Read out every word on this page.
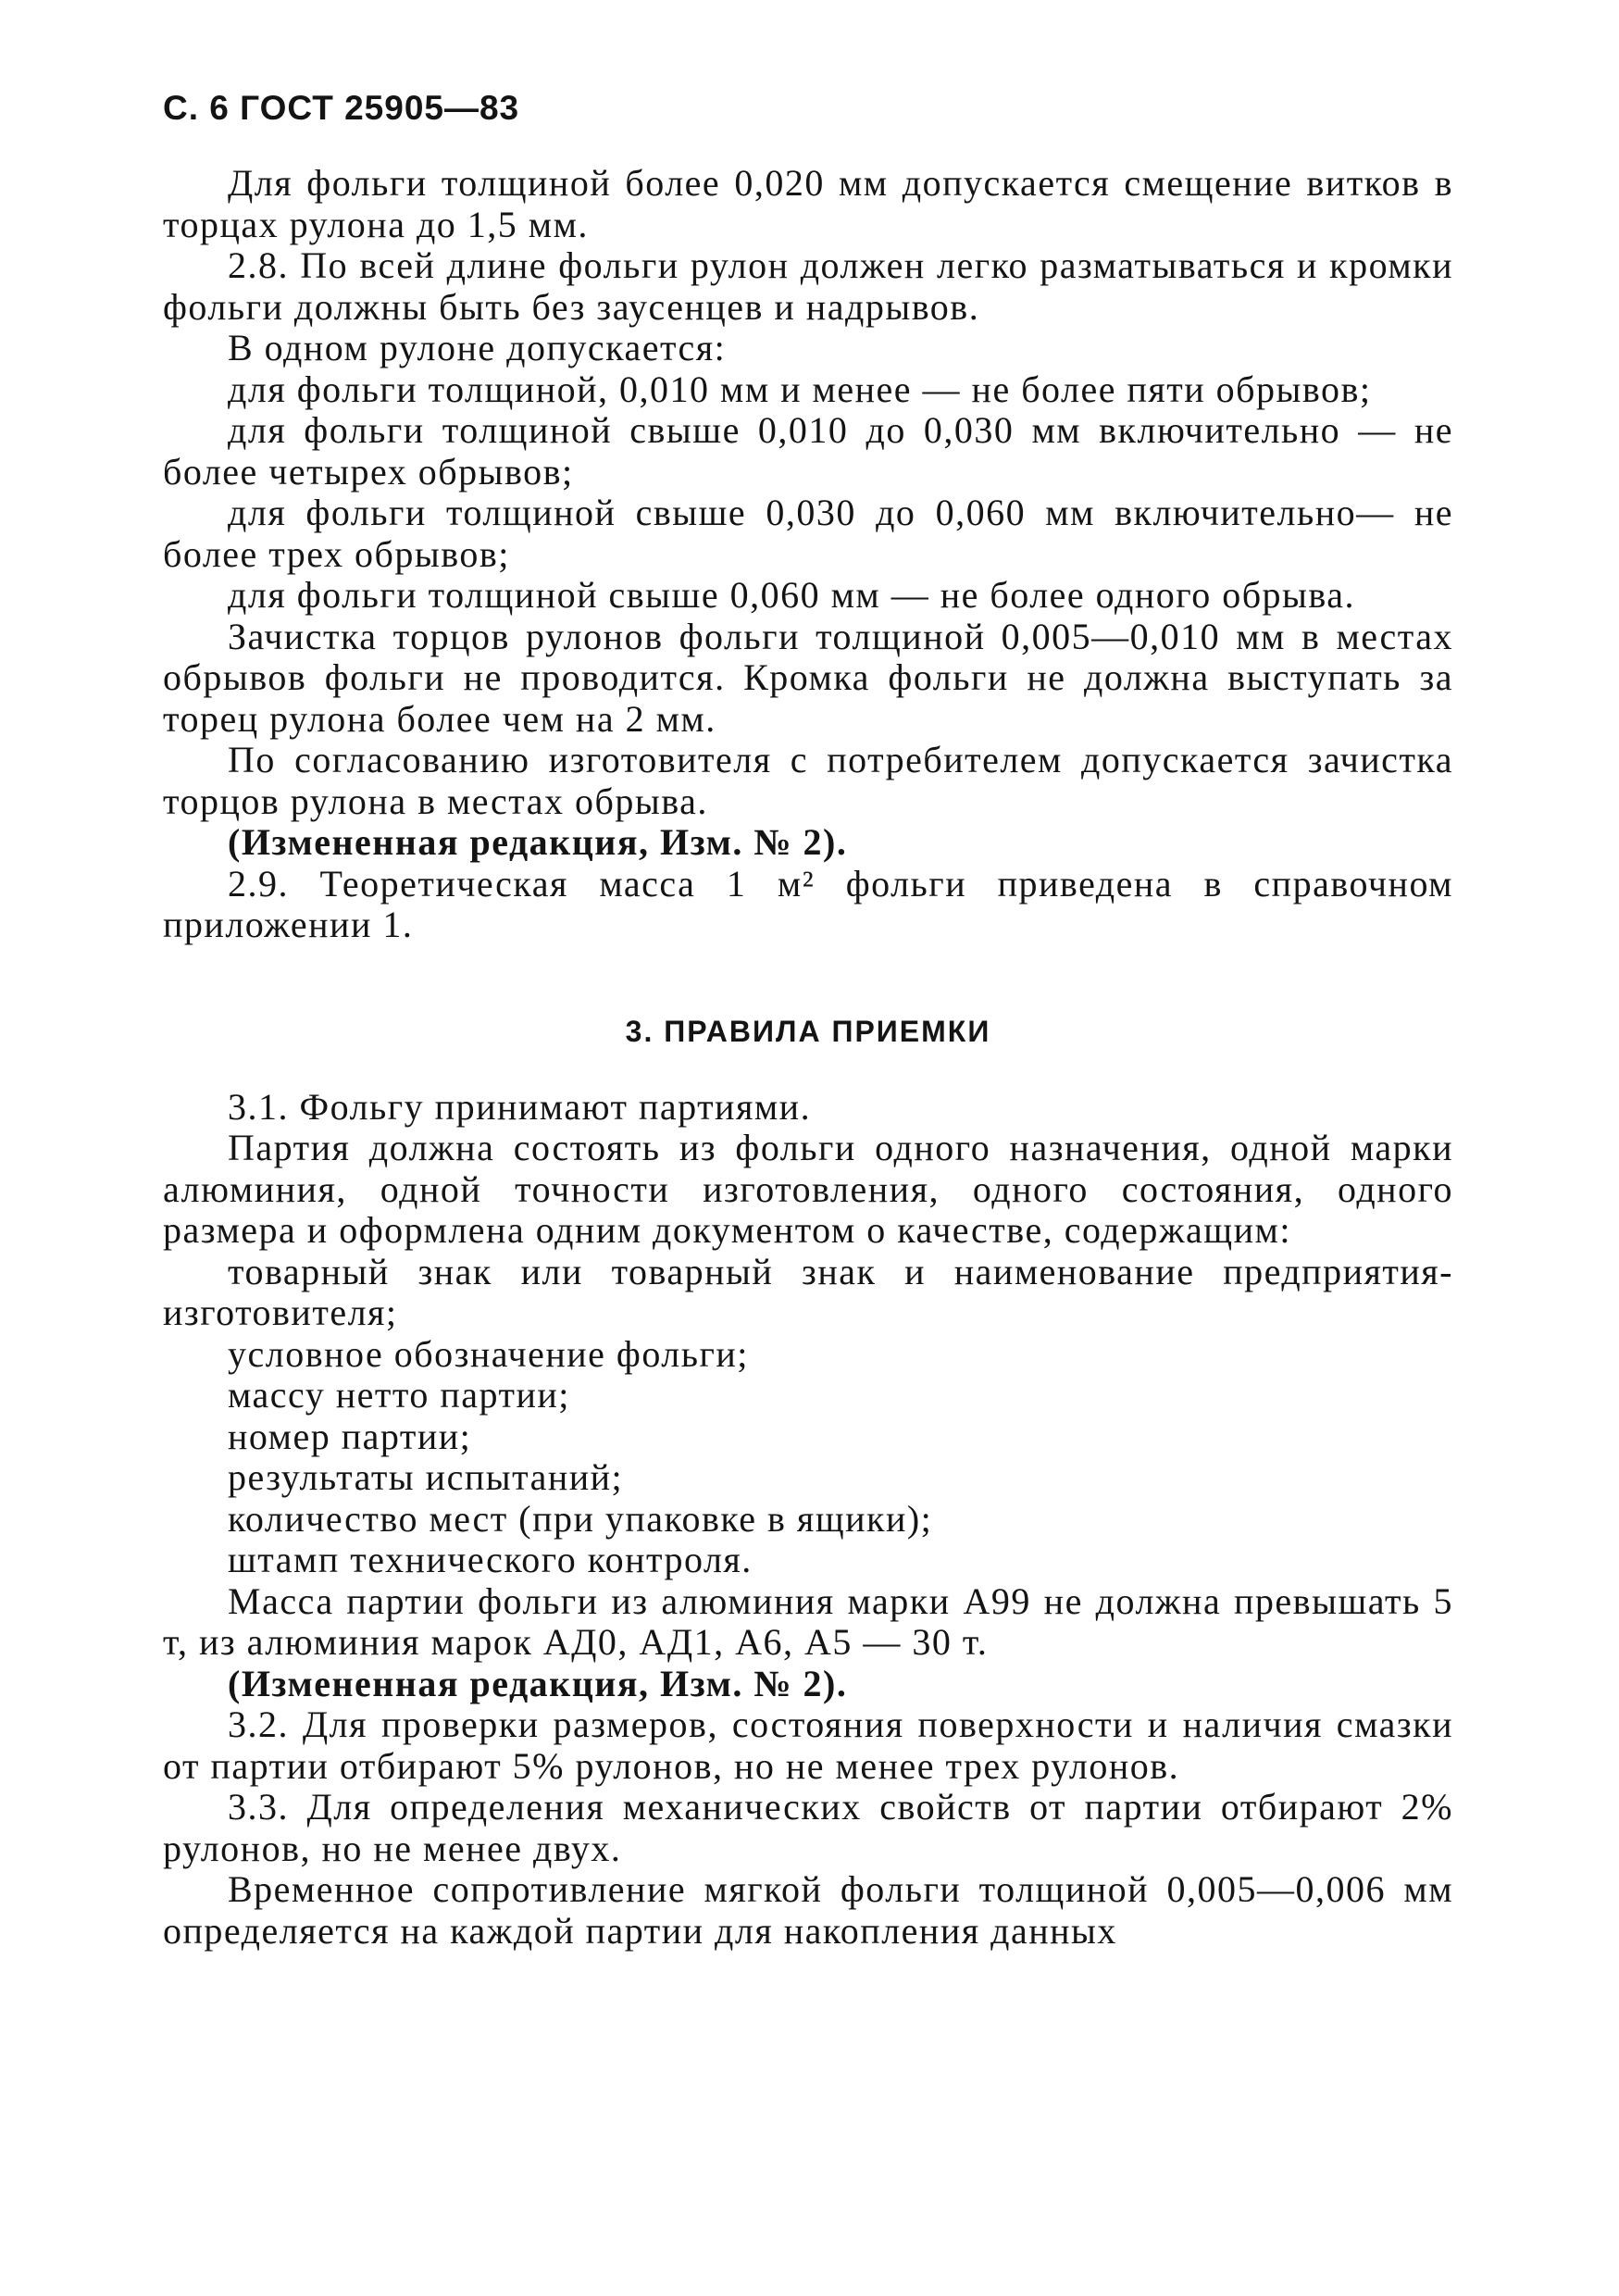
С. 6 ГОСТ 25905—83

Для фольги толщиной более 0,020 мм допускается смещение витков в торцах рулона до 1,5 мм.

2.8. По всей длине фольги рулон должен легко разматываться и кромки фольги должны быть без заусенцев и надрывов.

В одном рулоне допускается:

для фольги толщиной, 0,010 мм и менее — не более пяти обрывов;

для фольги толщиной свыше 0,010 до 0,030 мм включительно — не более четырех обрывов;

для фольги толщиной свыше 0,030 до 0,060 мм включительно— не более трех обрывов;

для фольги толщиной свыше 0,060 мм — не более одного обрыва.

Зачистка торцов рулонов фольги толщиной 0,005—0,010 мм в местах обрывов фольги не проводится. Кромка фольги не должна выступать за торец рулона более чем на 2 мм.

По согласованию изготовителя с потребителем допускается зачистка торцов рулона в местах обрыва.

(Измененная редакция, Изм. № 2).

2.9. Теоретическая масса 1 м² фольги приведена в справочном приложении 1.

3. ПРАВИЛА ПРИЕМКИ

3.1. Фольгу принимают партиями.

Партия должна состоять из фольги одного назначения, одной марки алюминия, одной точности изготовления, одного состояния, одного размера и оформлена одним документом о качестве, содержащим:

товарный знак или товарный знак и наименование предприятия-изготовителя;

условное обозначение фольги;

массу нетто партии;

номер партии;

результаты испытаний;

количество мест (при упаковке в ящики);

штамп технического контроля.

Масса партии фольги из алюминия марки А99 не должна превышать 5 т, из алюминия марок АД0, АД1, А6, А5 — 30 т.

(Измененная редакция, Изм. № 2).

3.2. Для проверки размеров, состояния поверхности и наличия смазки от партии отбирают 5% рулонов, но не менее трех рулонов.

3.3. Для определения механических свойств от партии отбирают 2% рулонов, но не менее двух.

Временное сопротивление мягкой фольги толщиной 0,005—0,006 мм определяется на каждой партии для накопления данных
